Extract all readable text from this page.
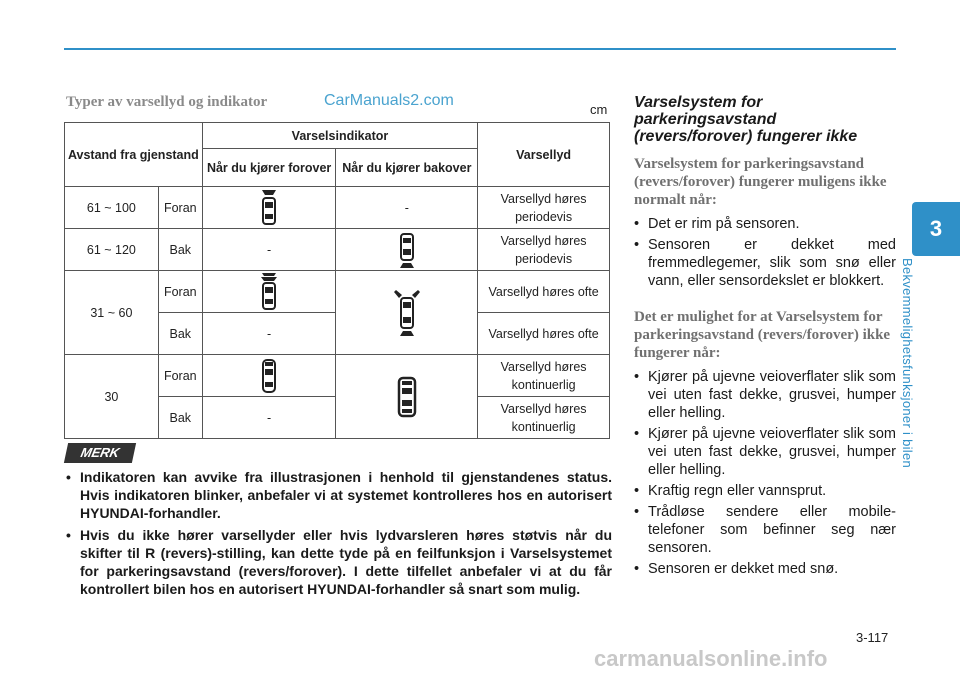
3
Bekvemmelighetsfunksjoner i bilen
CarManuals2.com
Typer av varsellyd og indikator	cm
Avstand fra gjenstand		Varselsindikator		Varsellyd
		Når du kjører forover	Når du kjører bakover	
61 ~ 100	Foran		-	Varsellyd høres periodevis
61 ~ 120	Bak	-		Varsellyd høres periodevis
31 ~ 60	Foran			Varsellyd høres ofte
	Bak	-		Varsellyd høres ofte
30	Foran			Varsellyd høres kontinuerlig
	Bak	-		Varsellyd høres kontinuerlig
MERK
• Indikatoren kan avvike fra illustrasjonen i henhold til gjenstandenes status. Hvis indikatoren blinker, anbefaler vi at systemet kontrolleres hos en autorisert HYUNDAI-forhandler.
• Hvis du ikke hører varsellyder eller hvis lydvarsleren høres støtvis når du skifter til R (revers)-stilling, kan dette tyde på en feilfunksjon i Varselsystemet for parkeringsavstand (revers/forover). I dette tilfellet anbefaler vi at du får kontrollert bilen hos en autorisert HYUNDAI-forhandler så snart som mulig.
Varselsystem for parkeringsavstand (revers/forover) fungerer ikke
Varselsystem for parkeringsavstand (revers/forover) fungerer muligens ikke normalt når:
• Det er rim på sensoren.
• Sensoren er dekket med fremmedlegemer, slik som snø eller vann, eller sensordekslet er blokkert.
Det er mulighet for at Varselsystem for parkeringsavstand (revers/forover) ikke fungerer når:
• Kjører på ujevne veioverflater slik som vei uten fast dekke, grusvei, humper eller helling.
• Kjører på ujevne veioverflater slik som vei uten fast dekke, grusvei, humper eller helling.
• Kraftig regn eller vannsprut.
• Trådløse sendere eller mobile-telefoner som befinner seg nær sensoren.
• Sensoren er dekket med snø.
3-117
carmanualsonline.info
